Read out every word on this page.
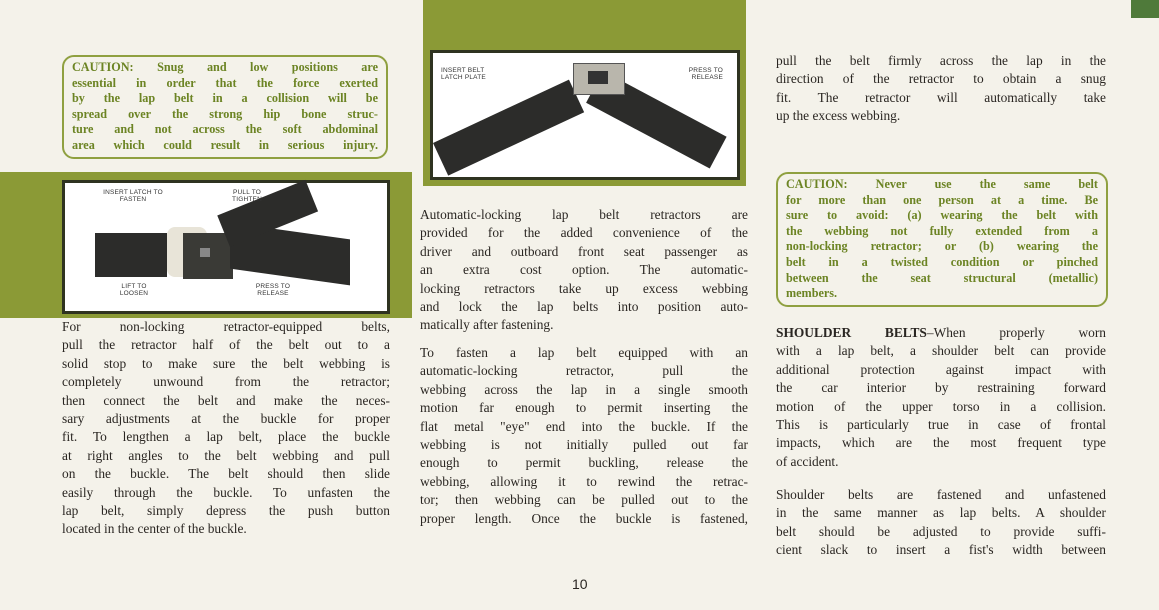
CAUTION: Snug and low positions are
essential in order that the force exerted
by the lap belt in a collision will be
spread over the strong hip bone struc-
ture and not across the soft abdominal
area which could result in serious injury.
INSERT LATCH TO FASTEN
PULL TO TIGHTEN
LIFT TO LOOSEN
PRESS TO RELEASE
INSERT BELT LATCH PLATE
PRESS TO RELEASE
For non-locking retractor-equipped belts,
pull the retractor half of the belt out to a
solid stop to make sure the belt webbing is
completely unwound from the retractor;
then connect the belt and make the neces-
sary adjustments at the buckle for proper
fit. To lengthen a lap belt, place the buckle
at right angles to the belt webbing and pull
on the buckle. The belt should then slide
easily through the buckle. To unfasten the
lap belt, simply depress the push button
located in the center of the buckle.
Automatic-locking lap belt retractors are
provided for the added convenience of the
driver and outboard front seat passenger as
an extra cost option. The automatic-
locking retractors take up excess webbing
and lock the lap belts into position auto-
matically after fastening.
To fasten a lap belt equipped with an
automatic-locking retractor, pull the
webbing across the lap in a single smooth
motion far enough to permit inserting the
flat metal "eye" end into the buckle. If the
webbing is not initially pulled out far
enough to permit buckling, release the
webbing, allowing it to rewind the retrac-
tor; then webbing can be pulled out to the
proper length. Once the buckle is fastened,
pull the belt firmly across the lap in the
direction of the retractor to obtain a snug
fit. The retractor will automatically take
up the excess webbing.
CAUTION: Never use the same belt
for more than one person at a time. Be
sure to avoid: (a) wearing the belt with
the webbing not fully extended from a
non-locking retractor; or (b) wearing the
belt in a twisted condition or pinched
between the seat structural (metallic)
members.
SHOULDER BELTS–When properly worn
with a lap belt, a shoulder belt can provide
additional protection against impact with
the car interior by restraining forward
motion of the upper torso in a collision.
This is particularly true in case of frontal
impacts, which are the most frequent type
of accident.
Shoulder belts are fastened and unfastened
in the same manner as lap belts. A shoulder
belt should be adjusted to provide suffi-
cient slack to insert a fist's width between
10
